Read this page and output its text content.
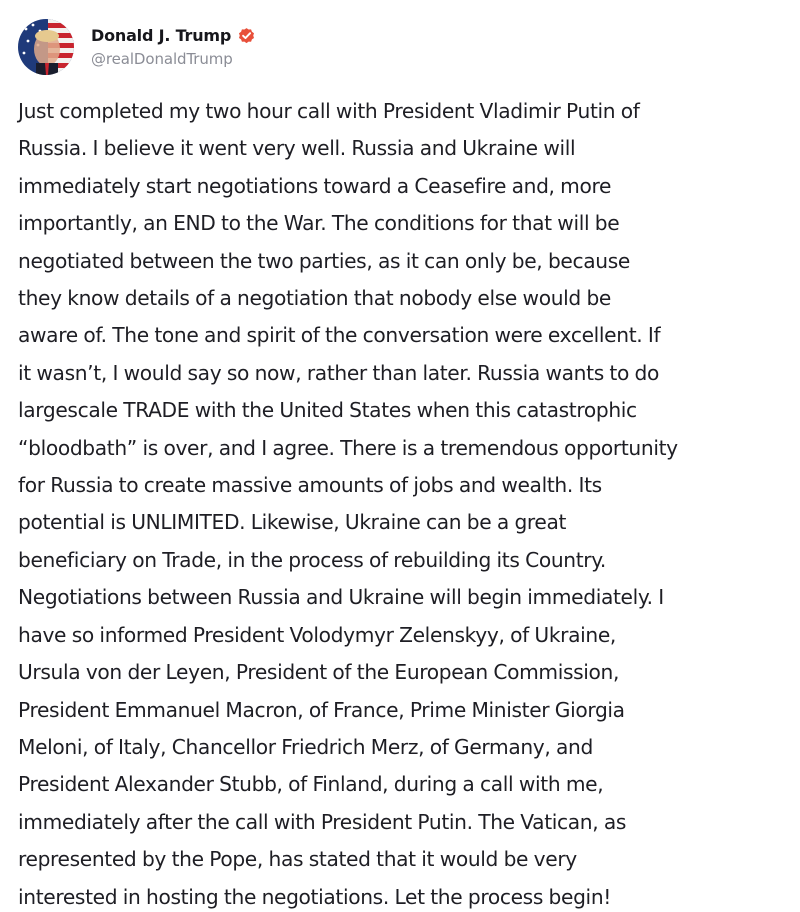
Donald J. Trump
@realDonaldTrump
Just completed my two hour call with President Vladimir Putin of
Russia. I believe it went very well. Russia and Ukraine will
immediately start negotiations toward a Ceasefire and, more
importantly, an END to the War. The conditions for that will be
negotiated between the two parties, as it can only be, because
they know details of a negotiation that nobody else would be
aware of. The tone and spirit of the conversation were excellent. If
it wasn’t, I would say so now, rather than later. Russia wants to do
largescale TRADE with the United States when this catastrophic
“bloodbath” is over, and I agree. There is a tremendous opportunity
for Russia to create massive amounts of jobs and wealth. Its
potential is UNLIMITED. Likewise, Ukraine can be a great
beneficiary on Trade, in the process of rebuilding its Country.
Negotiations between Russia and Ukraine will begin immediately. I
have so informed President Volodymyr Zelenskyy, of Ukraine,
Ursula von der Leyen, President of the European Commission,
President Emmanuel Macron, of France, Prime Minister Giorgia
Meloni, of Italy, Chancellor Friedrich Merz, of Germany, and
President Alexander Stubb, of Finland, during a call with me,
immediately after the call with President Putin. The Vatican, as
represented by the Pope, has stated that it would be very
interested in hosting the negotiations. Let the process begin!
